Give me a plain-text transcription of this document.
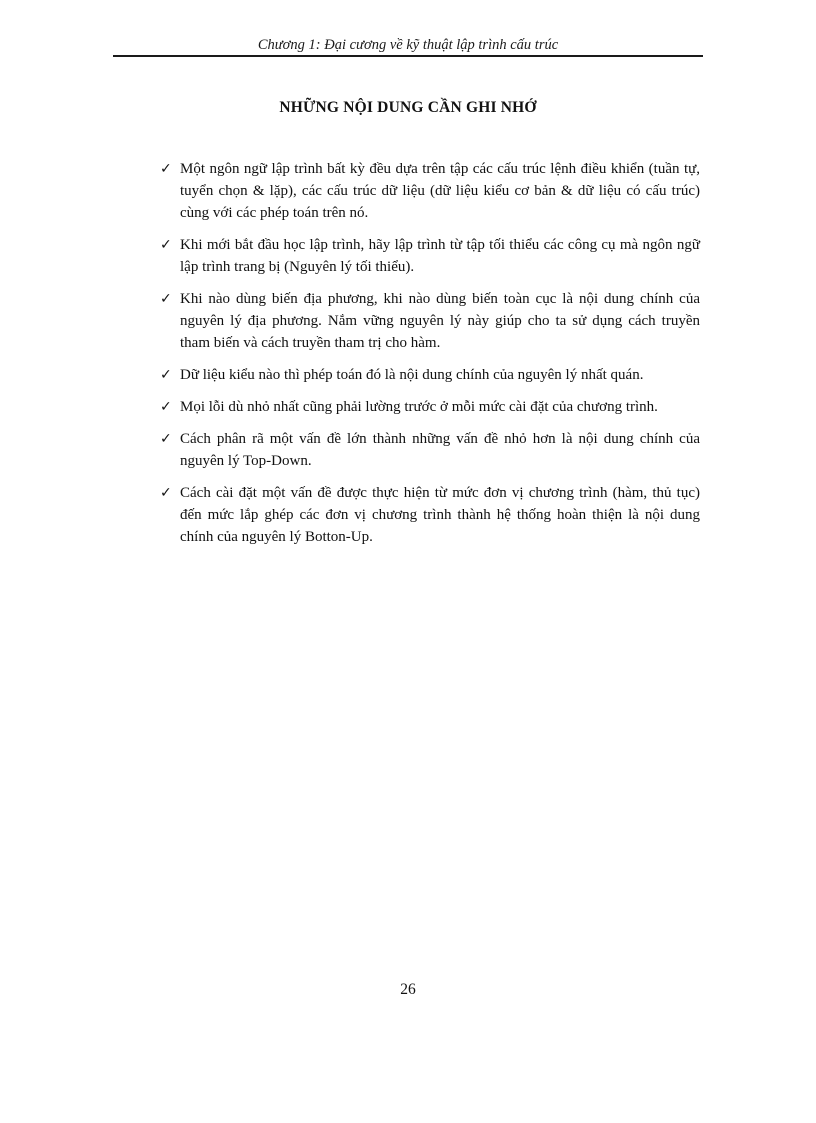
Chương 1: Đại cương về kỹ thuật lập trình cấu trúc
NHỮNG NỘI DUNG CẦN GHI NHỚ
✓ Một ngôn ngữ lập trình bất kỳ đều dựa trên tập các cấu trúc lệnh điều khiển (tuần tự, tuyển chọn & lặp), các cấu trúc dữ liệu (dữ liệu kiểu cơ bản & dữ liệu có cấu trúc) cùng với các phép toán trên nó.
✓ Khi mới bắt đầu học lập trình, hãy lập trình từ tập tối thiểu các công cụ mà ngôn ngữ lập trình trang bị (Nguyên lý tối thiểu).
✓ Khi nào dùng biến địa phương, khi nào dùng biến toàn cục là nội dung chính của nguyên lý địa phương. Nắm vững nguyên lý này giúp cho ta sử dụng cách truyền tham biến và cách truyền tham trị cho hàm.
✓ Dữ liệu kiểu nào thì phép toán đó là nội dung chính của nguyên lý nhất quán.
✓ Mọi lỗi dù nhỏ nhất cũng phải lường trước ở mỗi mức cài đặt của chương trình.
✓ Cách phân rã một vấn đề lớn thành những vấn đề nhỏ hơn là nội dung chính của nguyên lý Top-Down.
✓ Cách cài đặt một vấn đề được thực hiện từ mức đơn vị chương trình (hàm, thủ tục) đến mức lắp ghép các đơn vị chương trình thành hệ thống hoàn thiện là nội dung chính của nguyên lý Botton-Up.
26
